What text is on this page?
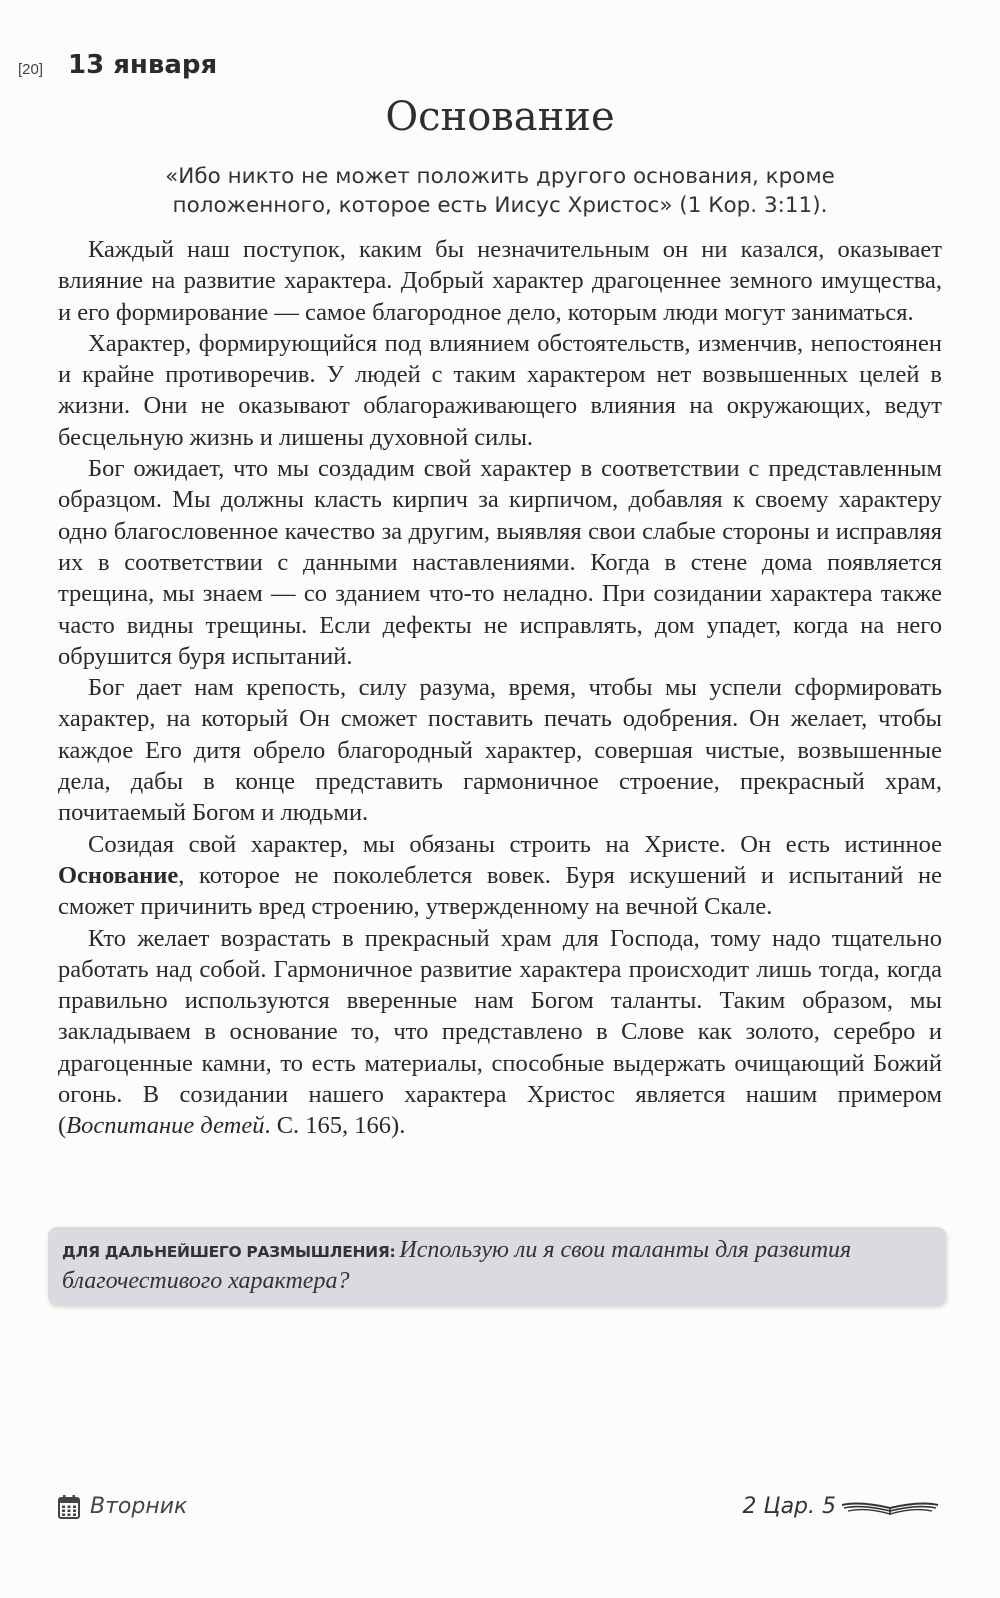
[20] 13 января
Основание
«Ибо никто не может положить другого основания, кроме
положенного, которое есть Иисус Христос» (1 Кор. 3:11).

Каждый наш поступок, каким бы незначительным он ни казался, оказывает влияние на развитие характера. Добрый характер драгоценнее земного имущества, и его формирование — самое благородное дело, которым люди могут заниматься.

Характер, формирующийся под влиянием обстоятельств, изменчив, непостоянен и крайне противоречив. У людей с таким характером нет возвышенных целей в жизни. Они не оказывают облагораживающего влияния на окружающих, ведут бесцельную жизнь и лишены духовной силы.

Бог ожидает, что мы создадим свой характер в соответствии с представленным образцом. Мы должны класть кирпич за кирпичом, добавляя к своему характеру одно благословенное качество за другим, выявляя свои слабые стороны и исправляя их в соответствии с данными наставлениями. Когда в стене дома появляется трещина, мы знаем — со зданием что-то неладно. При созидании характера также часто видны трещины. Если дефекты не исправлять, дом упадет, когда на него обрушится буря испытаний.

Бог дает нам крепость, силу разума, время, чтобы мы успели сформировать характер, на который Он сможет поставить печать одобрения. Он желает, чтобы каждое Его дитя обрело благородный характер, совершая чистые, возвышенные дела, дабы в конце представить гармоничное строение, прекрасный храм, почитаемый Богом и людьми.

Созидая свой характер, мы обязаны строить на Христе. Он есть истинное Основание, которое не поколеблется вовек. Буря искушений и испытаний не сможет причинить вред строению, утвержденному на вечной Скале.

Кто желает возрастать в прекрасный храм для Господа, тому надо тщательно работать над собой. Гармоничное развитие характера происходит лишь тогда, когда правильно используются вверенные нам Богом таланты. Таким образом, мы закладываем в основание то, что представлено в Слове как золото, серебро и драгоценные камни, то есть материалы, способные выдержать очищающий Божий огонь. В созидании нашего характера Христос является нашим примером (Воспитание детей. С. 165, 166).

ДЛЯ ДАЛЬНЕЙШЕГО РАЗМЫШЛЕНИЯ: Использую ли я свои таланты для развития благочестивого характера?
Вторник	2 Цар. 5
